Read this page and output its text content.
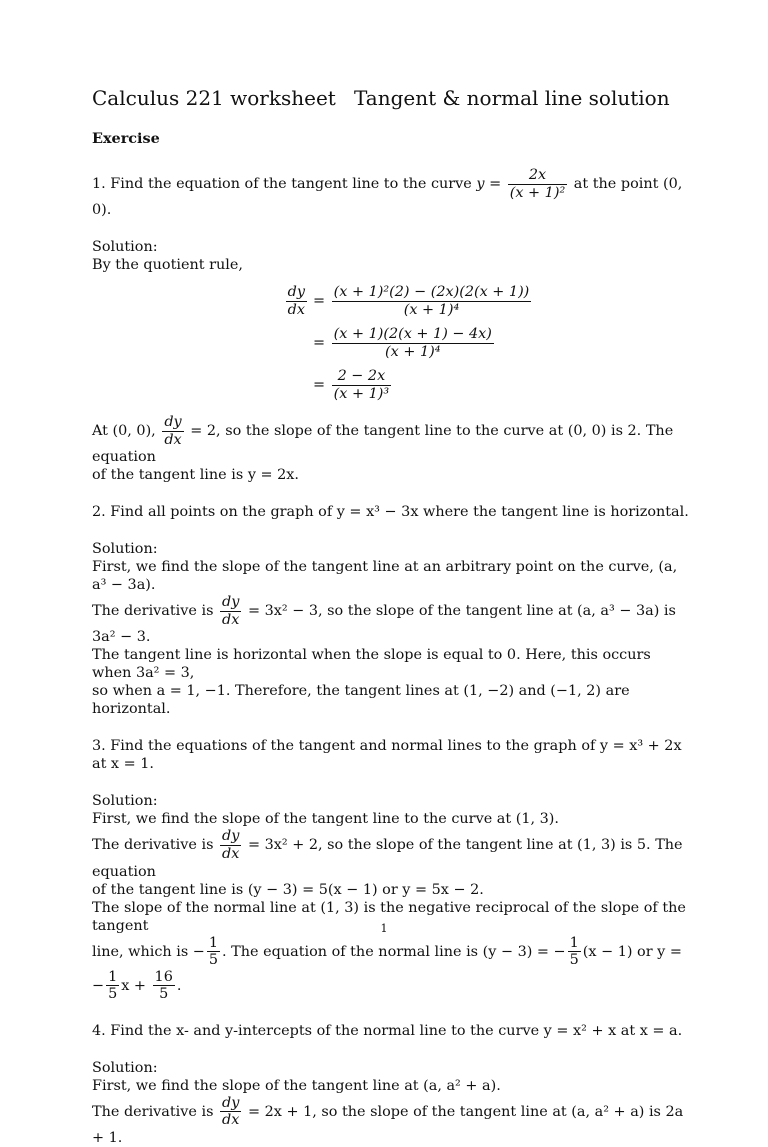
Calculus 221 worksheet Tangent & normal line solution
Exercise

1. Find the equation of the tangent line to the curve $y = \frac{2x}{\text{(x + 1)²}}$ at the point (0, 0).

Solution:

By the quotient rule,

$\frac{dy}{dx} = \frac{\text{(x + 1)²(2) − (2x)(2(x + 1))}}{\text{(x + 1)⁴}}$
= $\frac{(x + 1)(2(x + 1) - 4x)}{\text{(x + 1)⁴}}$
= $\frac{2 - 2x}{\text{(x + 1)³}}$

At (0, 0), $\frac{dy}{dx} = 2$, so the slope of the tangent line to the curve at (0, 0) is 2. The equation

of the tangent line is y = 2x.

2. Find all points on the graph of y = x³ − 3x where the tangent line is horizontal.

Solution:

First, we find the slope of the tangent line at an arbitrary point on the curve, (a, a³ − 3a).

The derivative is $\frac{dy}{dx} = 3x^2 - 3$, so the slope of the tangent line at (a, a³ − 3a) is 3a² − 3.

The tangent line is horizontal when the slope is equal to 0. Here, this occurs when 3a² = 3,

so when a = 1, −1. Therefore, the tangent lines at (1, −2) and (−1, 2) are horizontal.

3. Find the equations of the tangent and normal lines to the graph of y = x³ + 2x at x = 1.

Solution:

First, we find the slope of the tangent line to the curve at (1, 3).

The derivative is $\frac{dy}{dx} = 3x^2 + 2$, so the slope of the tangent line at (1, 3) is 5. The equation

of the tangent line is (y − 3) = 5(x − 1) or y = 5x − 2.

The slope of the normal line at (1, 3) is the negative reciprocal of the slope of the tangent

line, which is − $\frac{1}{5}$ . The equation of the normal line is (y − 3) = − $\frac{1}{5} (x - 1)$ or y = − $\frac{1}{5}$ $x + \frac{16}{5}$ .

4. Find the x- and y-intercepts of the normal line to the curve y = x² + x at x = a.

Solution:

First, we find the slope of the tangent line at (a, a² + a).

The derivative is $\frac{dy}{dx} = 2x + 1$, so the slope of the tangent line at (a, a² + a) is 2a + 1.

1
